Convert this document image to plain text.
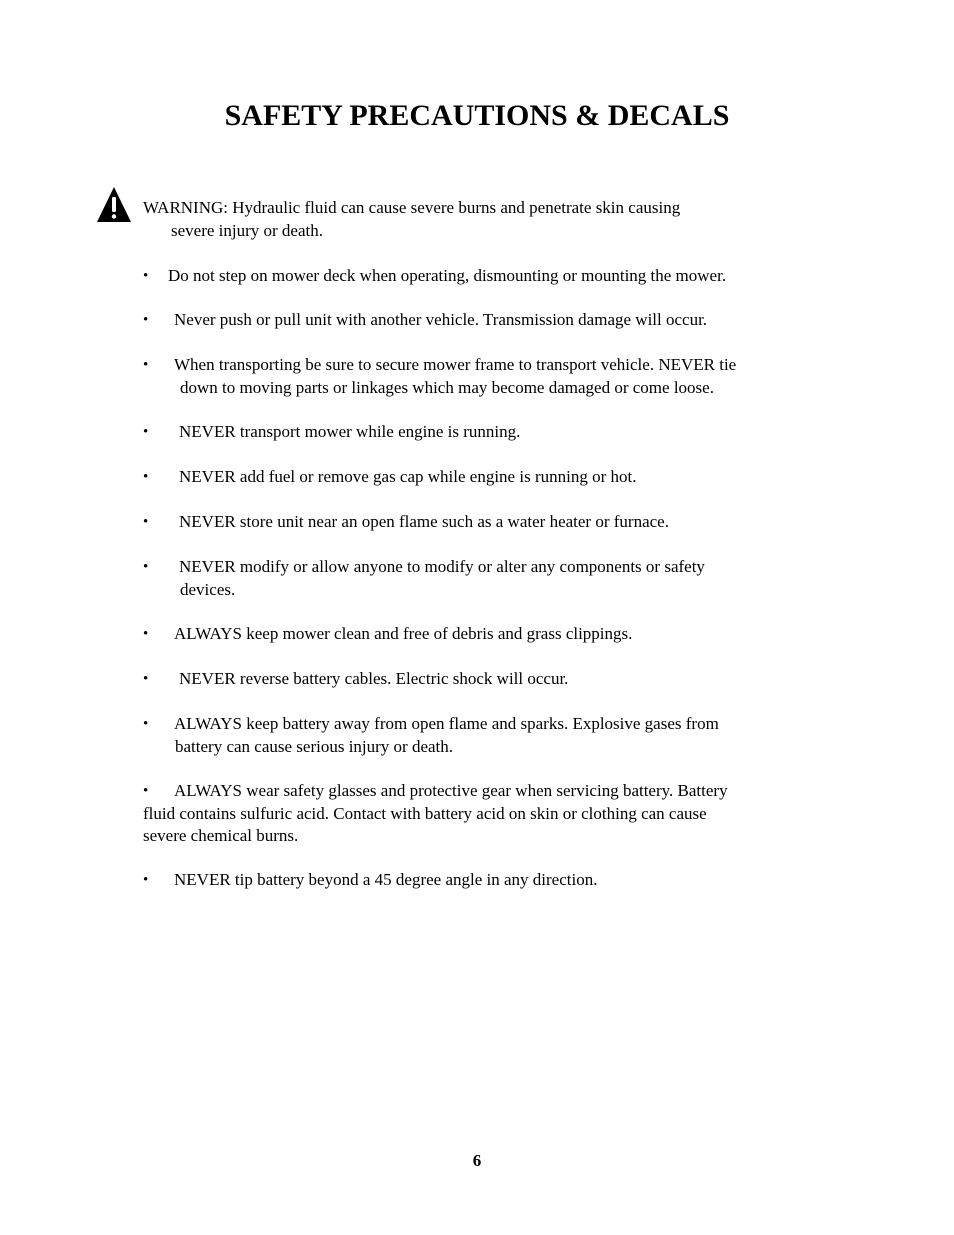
SAFETY PRECAUTIONS & DECALS
WARNING: Hydraulic fluid can cause severe burns and penetrate skin causing
severe injury or death.
• Do not step on mower deck when operating, dismounting or mounting the mower.
• Never push or pull unit with another vehicle. Transmission damage will occur.
• When transporting be sure to secure mower frame to transport vehicle. NEVER tie
down to moving parts or linkages which may become damaged or come loose.
• NEVER transport mower while engine is running.
• NEVER add fuel or remove gas cap while engine is running or hot.
• NEVER store unit near an open flame such as a water heater or furnace.
• NEVER modify or allow anyone to modify or alter any components or safety
devices.
• ALWAYS keep mower clean and free of debris and grass clippings.
• NEVER reverse battery cables. Electric shock will occur.
• ALWAYS keep battery away from open flame and sparks. Explosive gases from
battery can cause serious injury or death.
• ALWAYS wear safety glasses and protective gear when servicing battery. Battery
fluid contains sulfuric acid. Contact with battery acid on skin or clothing can cause
severe chemical burns.
• NEVER tip battery beyond a 45 degree angle in any direction.
6
